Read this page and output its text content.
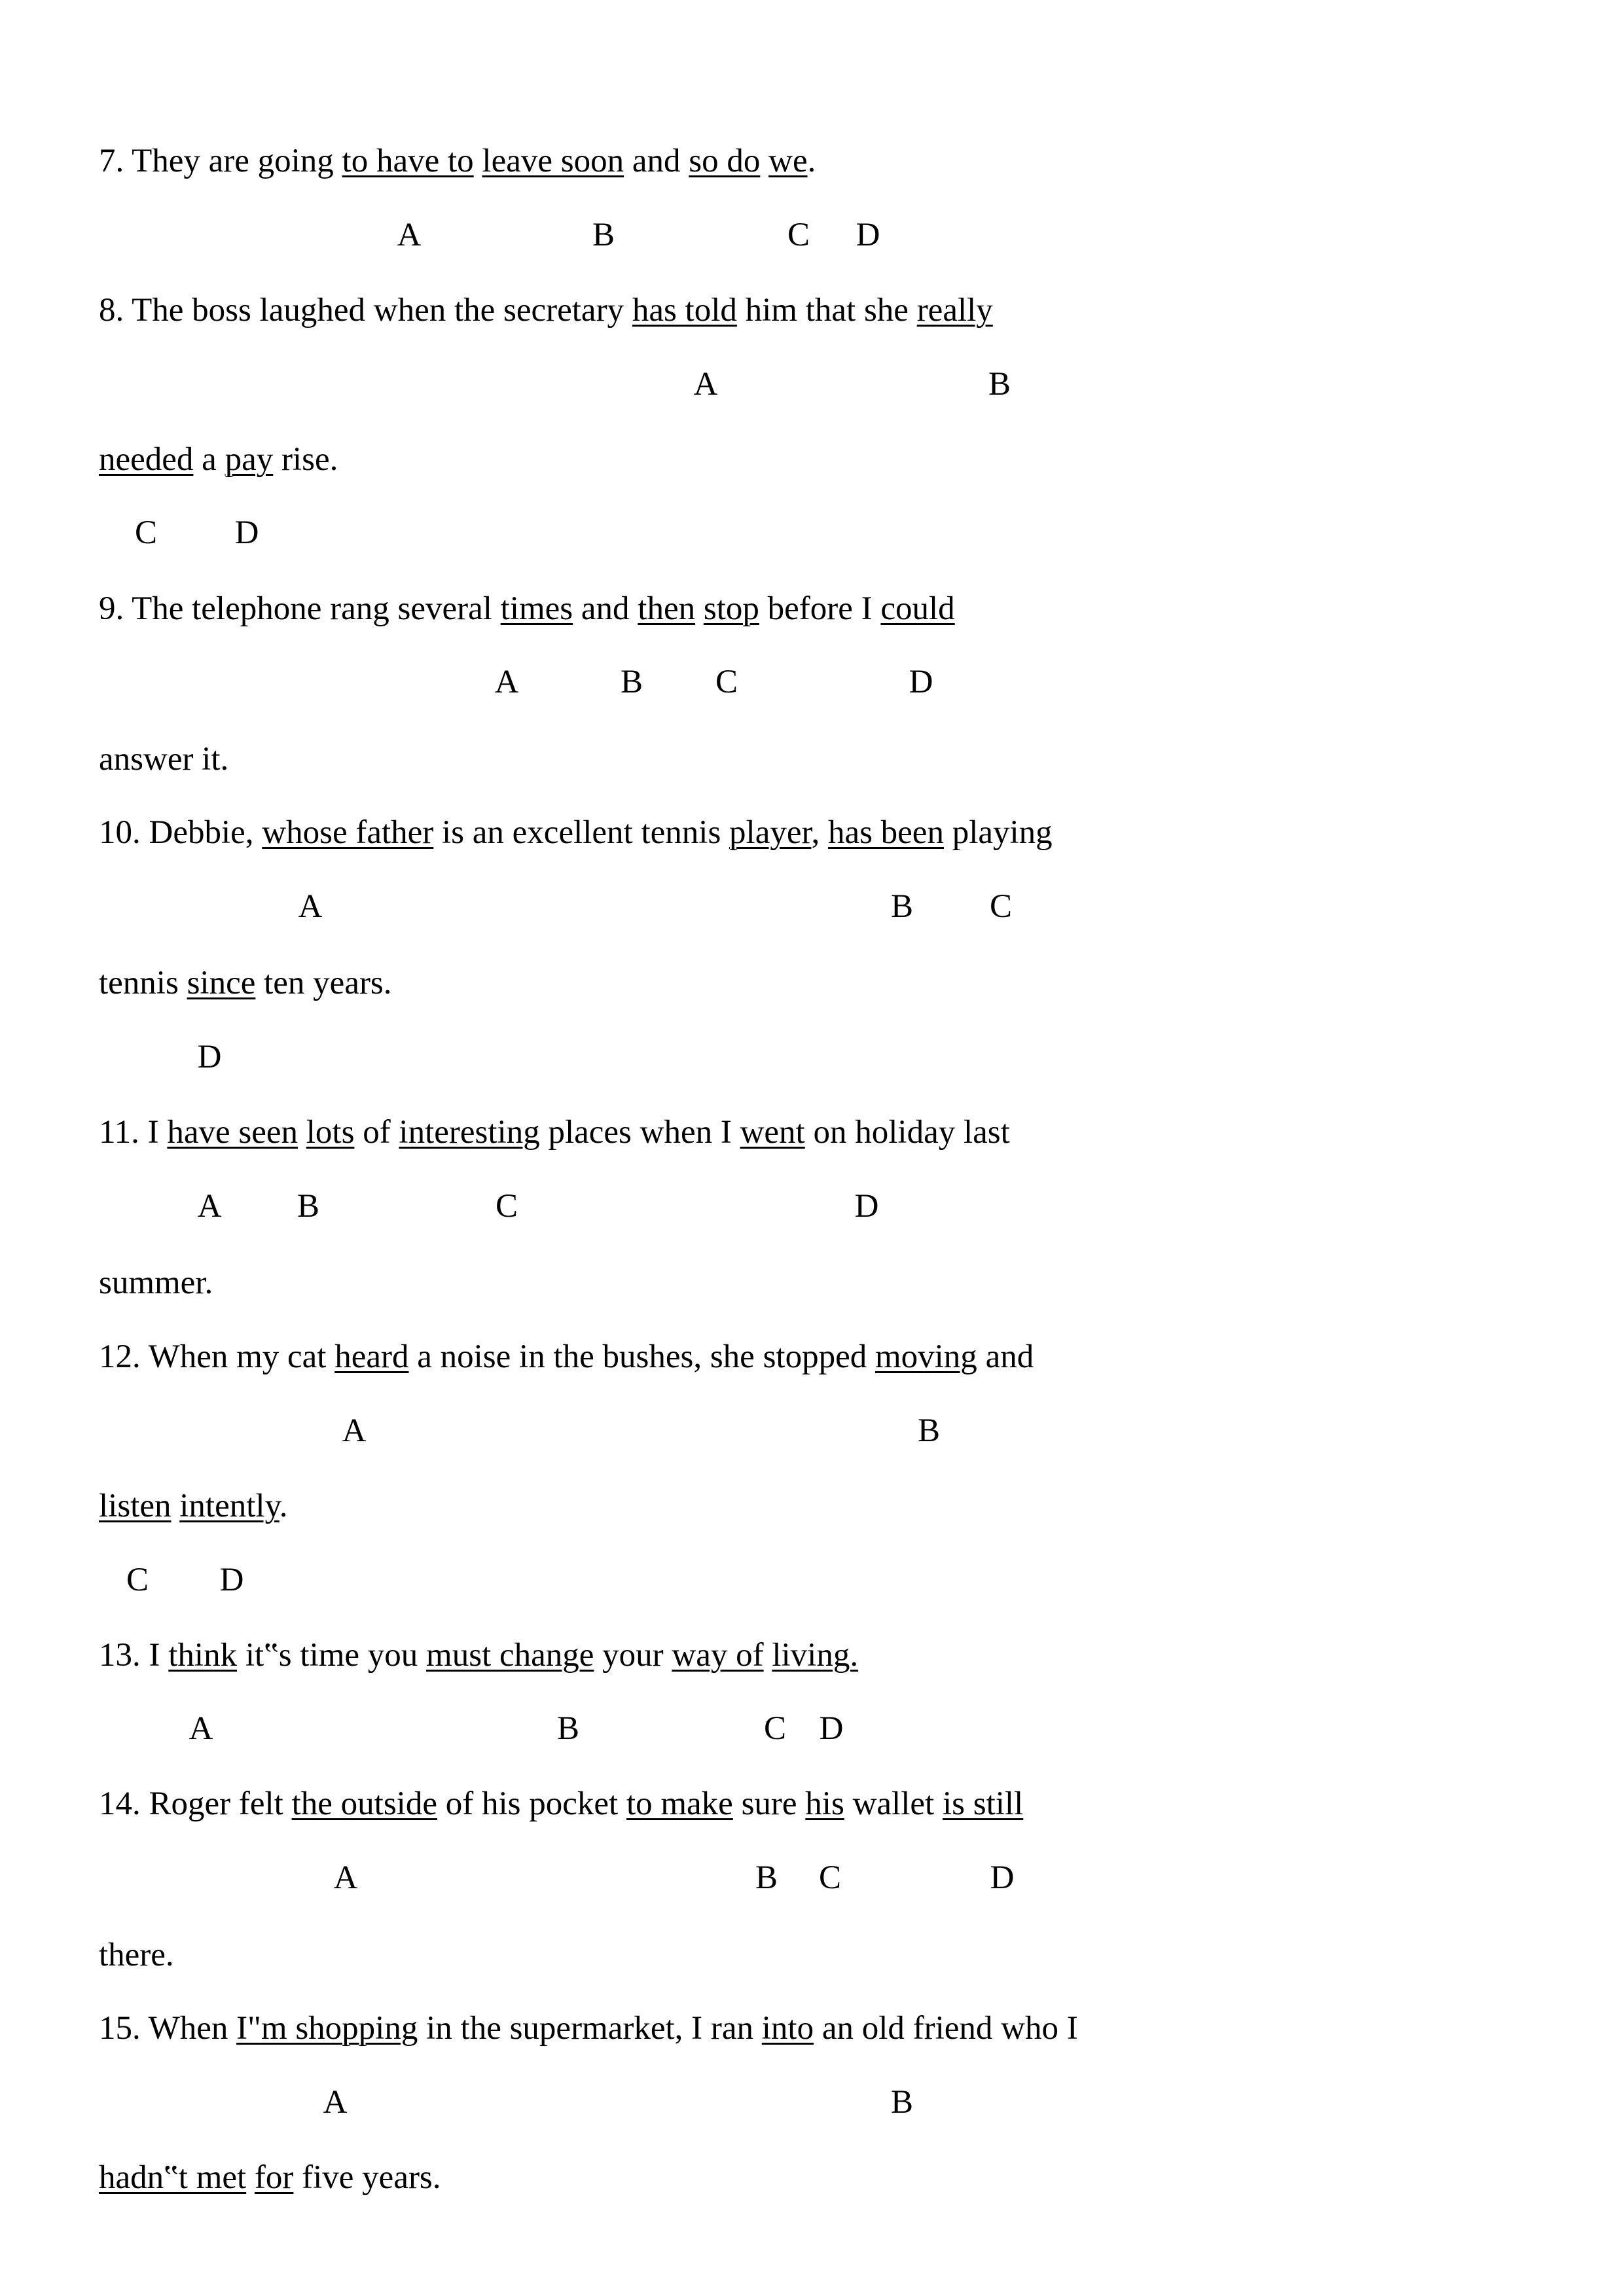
7. They are going to have to leave soon and so do we.
A	B	C D
8. The boss laughed when the secretary has told him that she really
A	B
needed a pay rise.
C D
9. The telephone rang several times and then stop before I could
A	B C	D
answer it.
10. Debbie, whose father is an excellent tennis player, has been playing
A	B C
tennis since ten years.
D
11. I have seen lots of interesting places when I went on holiday last
A B	C	D
summer.
12. When my cat heard a noise in the bushes, she stopped moving and
A	B
listen intently.
C D
13. I think it‟s time you must change your way of living.
A	B	C D
14. Roger felt the outside of his pocket to make sure his wallet is still
A	B C	D
there.
15. When I"m shopping in the supermarket, I ran into an old friend who I
A	B
hadn‟t met for five years.
